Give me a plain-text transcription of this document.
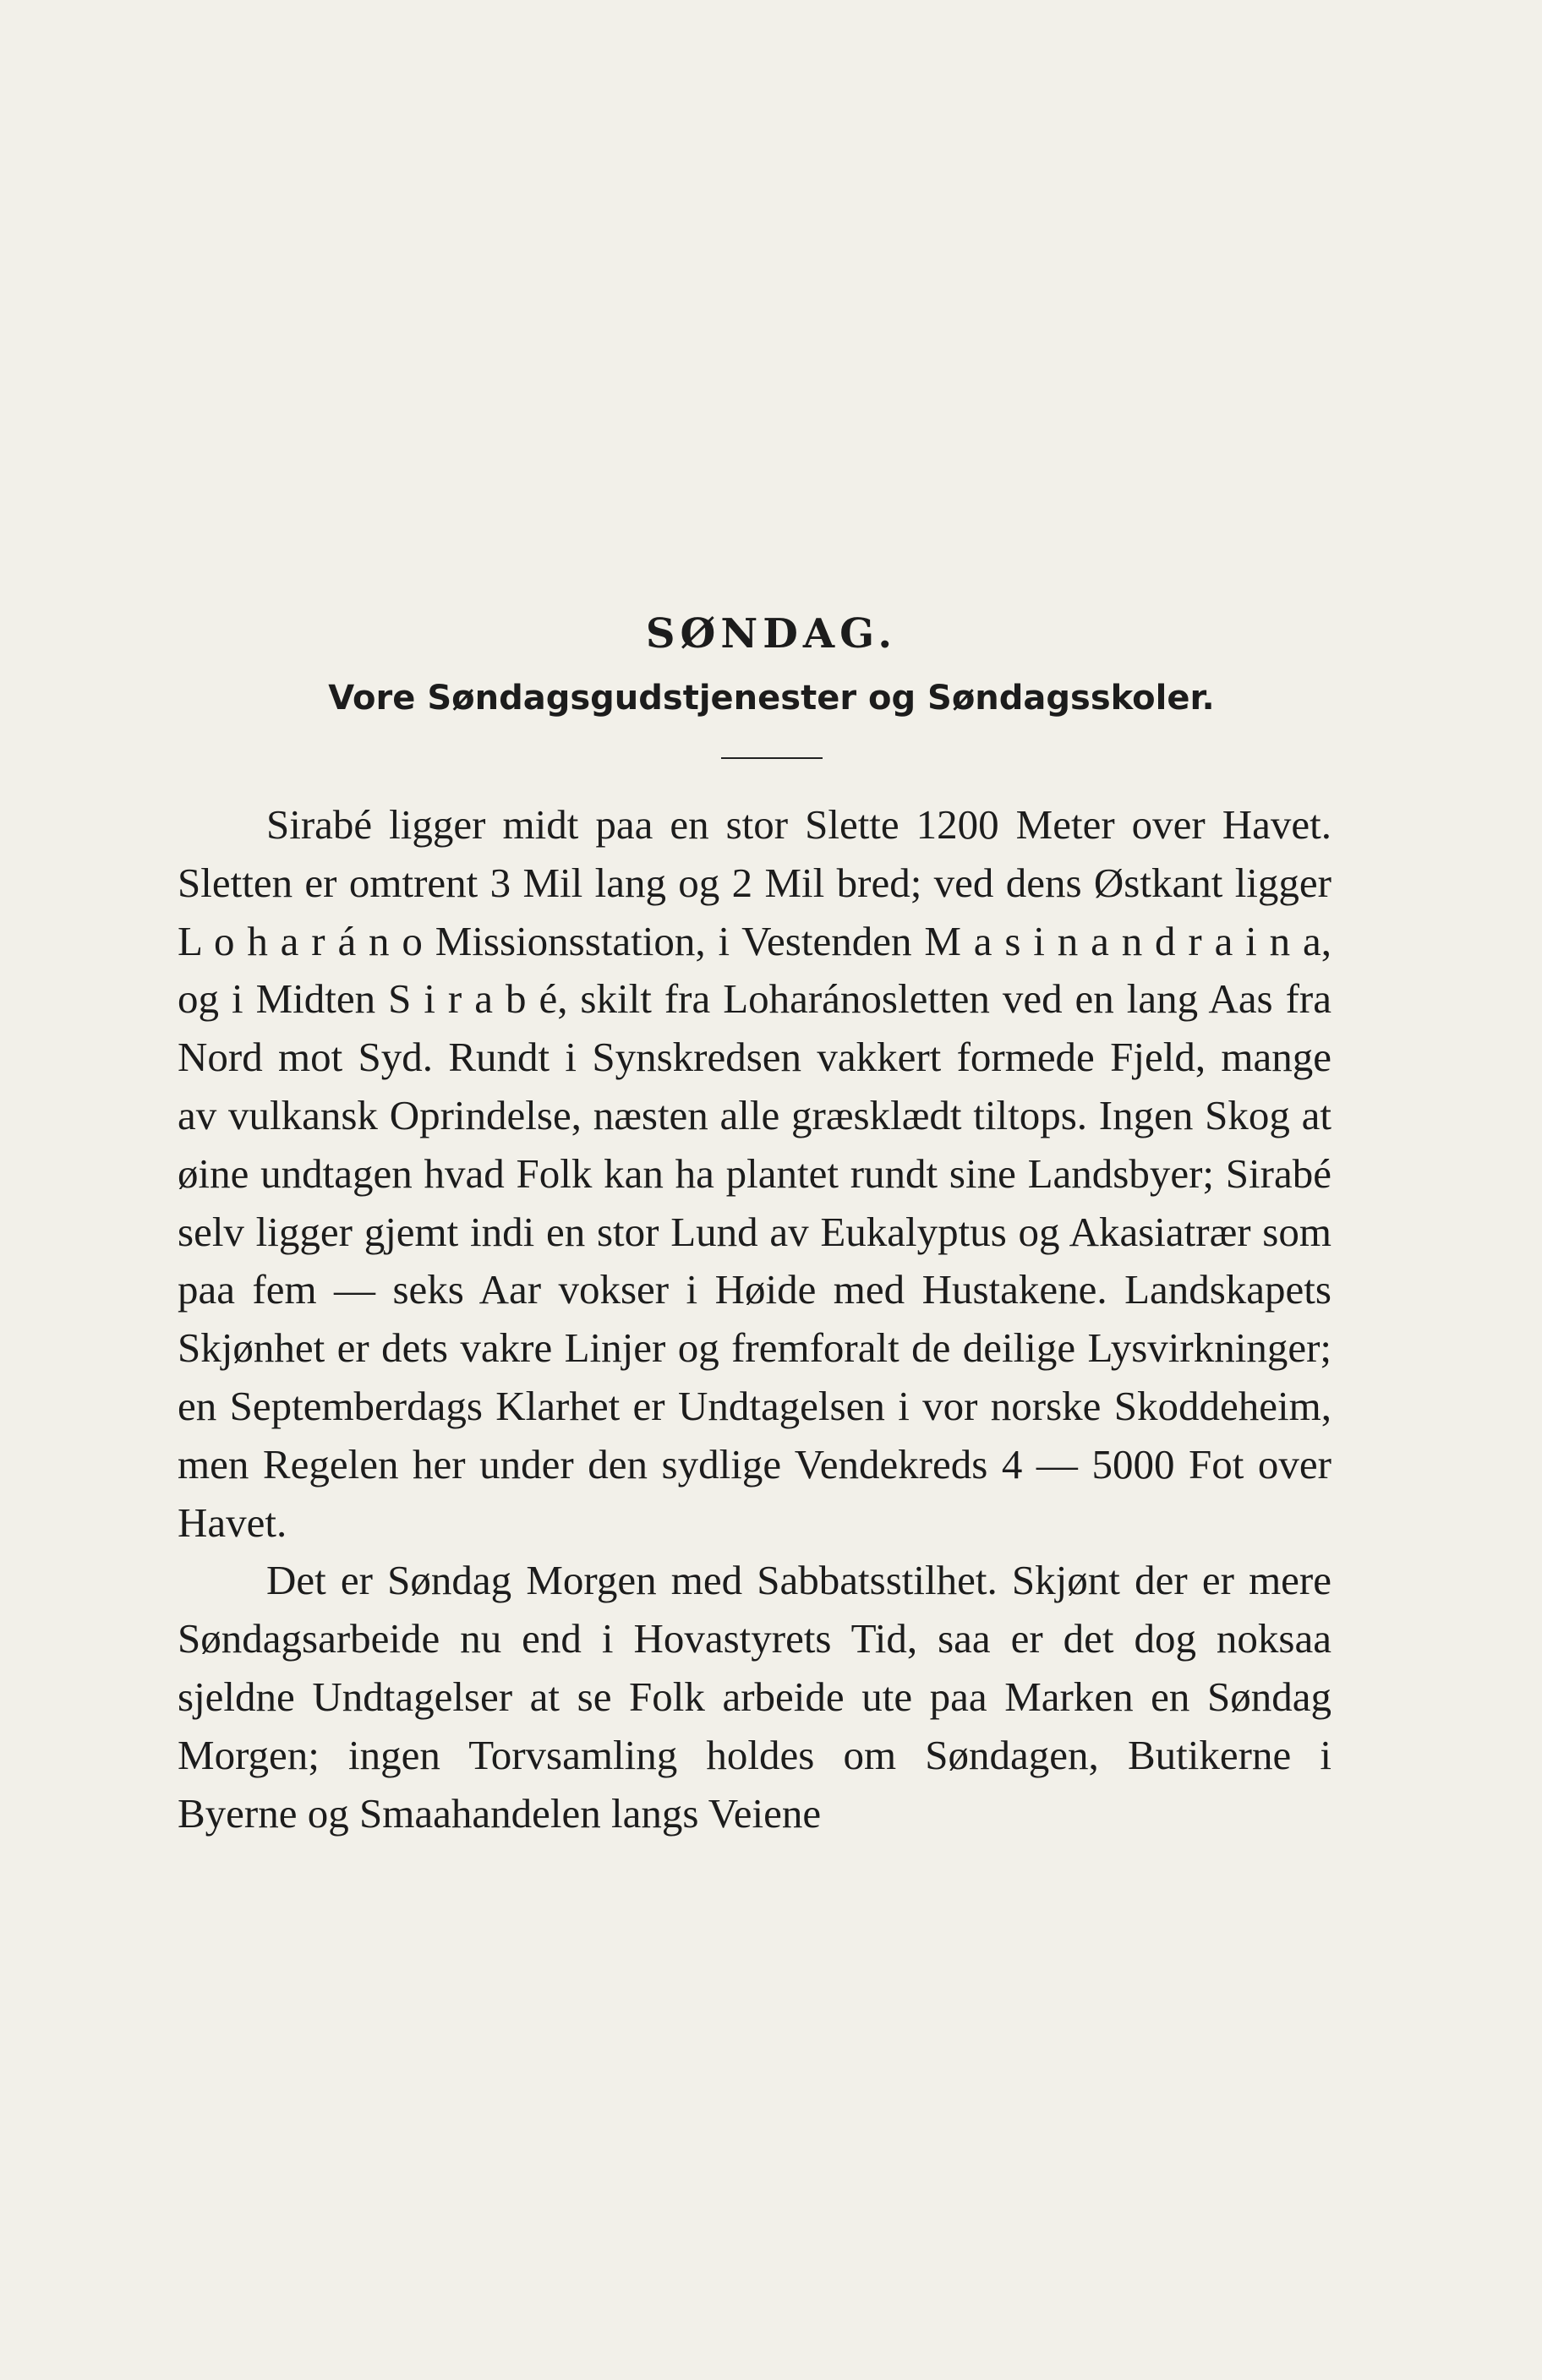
SØNDAG.
Vore Søndagsgudstjenester og Søndagsskoler.

Sirabé ligger midt paa en stor Slette 1200 Meter over Havet. Sletten er omtrent 3 Mil lang og 2 Mil bred; ved dens Østkant ligger L o h a r á n o Missionsstation, i Vestenden M a s i n a n d r a i n a, og i Midten S i r a b é, skilt fra Loharánosletten ved en lang Aas fra Nord mot Syd. Rundt i Synskredsen vakkert formede Fjeld, mange av vulkansk Oprindelse, næsten alle græsklædt tiltops. Ingen Skog at øine undtagen hvad Folk kan ha plantet rundt sine Landsbyer; Sirabé selv ligger gjemt indi en stor Lund av Eukalyptus og Akasiatrær som paa fem — seks Aar vokser i Høide med Hustakene. Landskapets Skjønhet er dets vakre Linjer og fremforalt de deilige Lysvirkninger; en Septemberdags Klarhet er Undtagelsen i vor norske Skoddeheim, men Regelen her under den sydlige Vendekreds 4 — 5000 Fot over Havet.

Det er Søndag Morgen med Sabbatsstilhet. Skjønt der er mere Søndagsarbeide nu end i Hovastyrets Tid, saa er det dog noksaa sjeldne Undtagelser at se Folk arbeide ute paa Marken en Søndag Morgen; ingen Torvsamling holdes om Søndagen, Butikerne i Byerne og Smaahandelen langs Veiene
